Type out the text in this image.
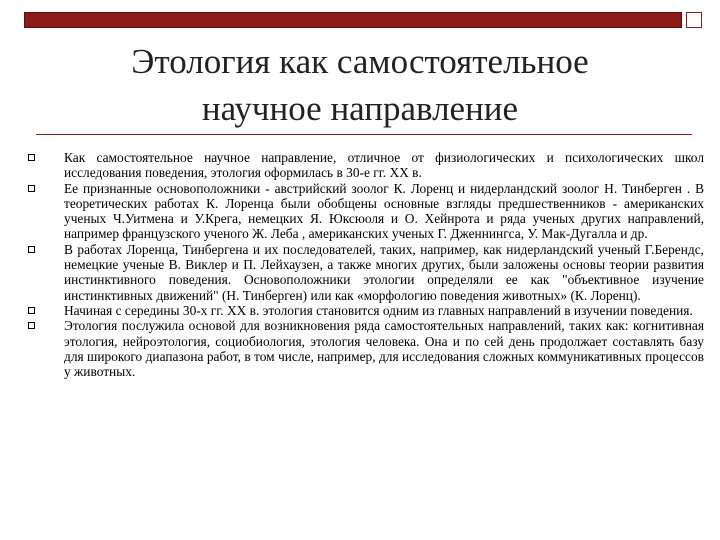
Этология как самостоятельное
научное направление
Как самостоятельное научное направление, отличное от физиологических и психологических школ исследования поведения, этология оформилась в 30-е гг. XX в.
Ее признанные основоположники - австрийский зоолог К. Лоренц и нидерландский зоолог Н. Тинберген . В теоретических работах К. Лоренца были обобщены основные взгляды предшественников - американских ученых Ч.Уитмена и У.Крега, немецких Я. Юксюоля и О. Хейнрота и ряда ученых других направлений, например французского ученого Ж. Леба , американских ученых Г. Дженнингса, У. Мак-Дугалла и др.
В работах Лоренца, Тинбергена и их последователей, таких, например, как нидерландский ученый Г.Берендс, немецкие ученые В. Виклер и П. Лейхаузен, а также многих других, были заложены основы теории развития инстинктивного поведения. Основоположники этологии определяли ее как "объективное изучение инстинктивных движений" (Н. Тинберген) или как «морфологию поведения животных» (К. Лоренц).
Начиная с середины 30-х гг. XX в. этология становится одним из главных направлений в изучении поведения.
Этология послужила основой для возникновения ряда самостоятельных направлений, таких как: когнитивная этология, нейроэтология, социобиология, этология человека. Она и по сей день продолжает составлять базу для широкого диапазона работ, в том числе, например, для исследования сложных коммуникативных процессов у животных.
